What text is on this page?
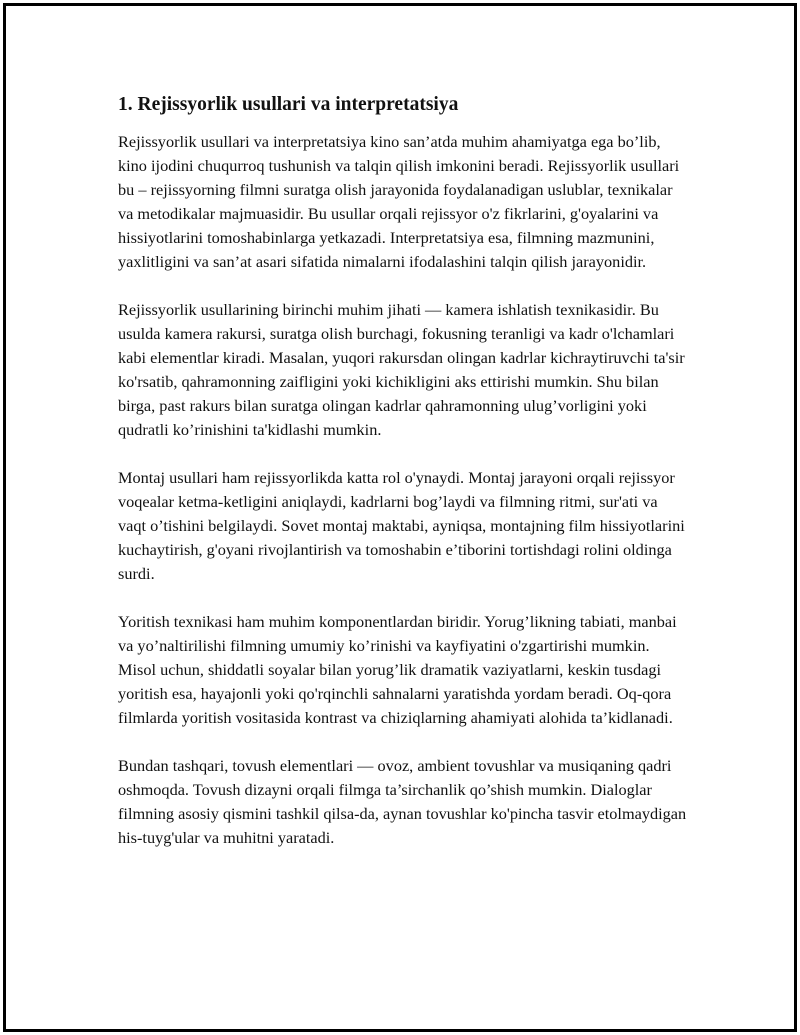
1. Rejissyorlik usullari va interpretatsiya

Rejissyorlik usullari va interpretatsiya kino san’atda muhim ahamiyatga ega bo’lib, kino ijodini chuqurroq tushunish va talqin qilish imkonini beradi. Rejissyorlik usullari bu – rejissyorning filmni suratga olish jarayonida foydalanadigan uslublar, texnikalar va metodikalar majmuasidir. Bu usullar orqali rejissyor o'z fikrlarini, g'oyalarini va hissiyotlarini tomoshabinlarga yetkazadi. Interpretatsiya esa, filmning mazmunini, yaxlitligini va san’at asari sifatida nimalarni ifodalashini talqin qilish jarayonidir.

Rejissyorlik usullarining birinchi muhim jihati — kamera ishlatish texnikasidir. Bu usulda kamera rakursi, suratga olish burchagi, fokusning teranligi va kadr o'lchamlari kabi elementlar kiradi. Masalan, yuqori rakursdan olingan kadrlar kichraytiruvchi ta'sir ko'rsatib, qahramonning zaifligini yoki kichikligini aks ettirishi mumkin. Shu bilan birga, past rakurs bilan suratga olingan kadrlar qahramonning ulug’vorligini yoki qudratli ko’rinishini ta'kidlashi mumkin.

Montaj usullari ham rejissyorlikda katta rol o'ynaydi. Montaj jarayoni orqali rejissyor voqealar ketma-ketligini aniqlaydi, kadrlarni bog’laydi va filmning ritmi, sur'ati va vaqt o’tishini belgilaydi. Sovet montaj maktabi, ayniqsa, montajning film hissiyotlarini kuchaytirish, g'oyani rivojlantirish va tomoshabin e’tiborini tortishdagi rolini oldinga surdi.

Yoritish texnikasi ham muhim komponentlardan biridir. Yorug’likning tabiati, manbai va yo’naltirilishi filmning umumiy ko’rinishi va kayfiyatini o'zgartirishi mumkin. Misol uchun, shiddatli soyalar bilan yorug’lik dramatik vaziyatlarni, keskin tusdagi yoritish esa, hayajonli yoki qo'rqinchli sahnalarni yaratishda yordam beradi. Oq-qora filmlarda yoritish vositasida kontrast va chiziqlarning ahamiyati alohida ta’kidlanadi.

Bundan tashqari, tovush elementlari — ovoz, ambient tovushlar va musiqaning qadri oshmoqda. Tovush dizayni orqali filmga ta’sirchanlik qo’shish mumkin. Dialoglar filmning asosiy qismini tashkil qilsa-da, aynan tovushlar ko'pincha tasvir etolmaydigan his-tuyg'ular va muhitni yaratadi.
